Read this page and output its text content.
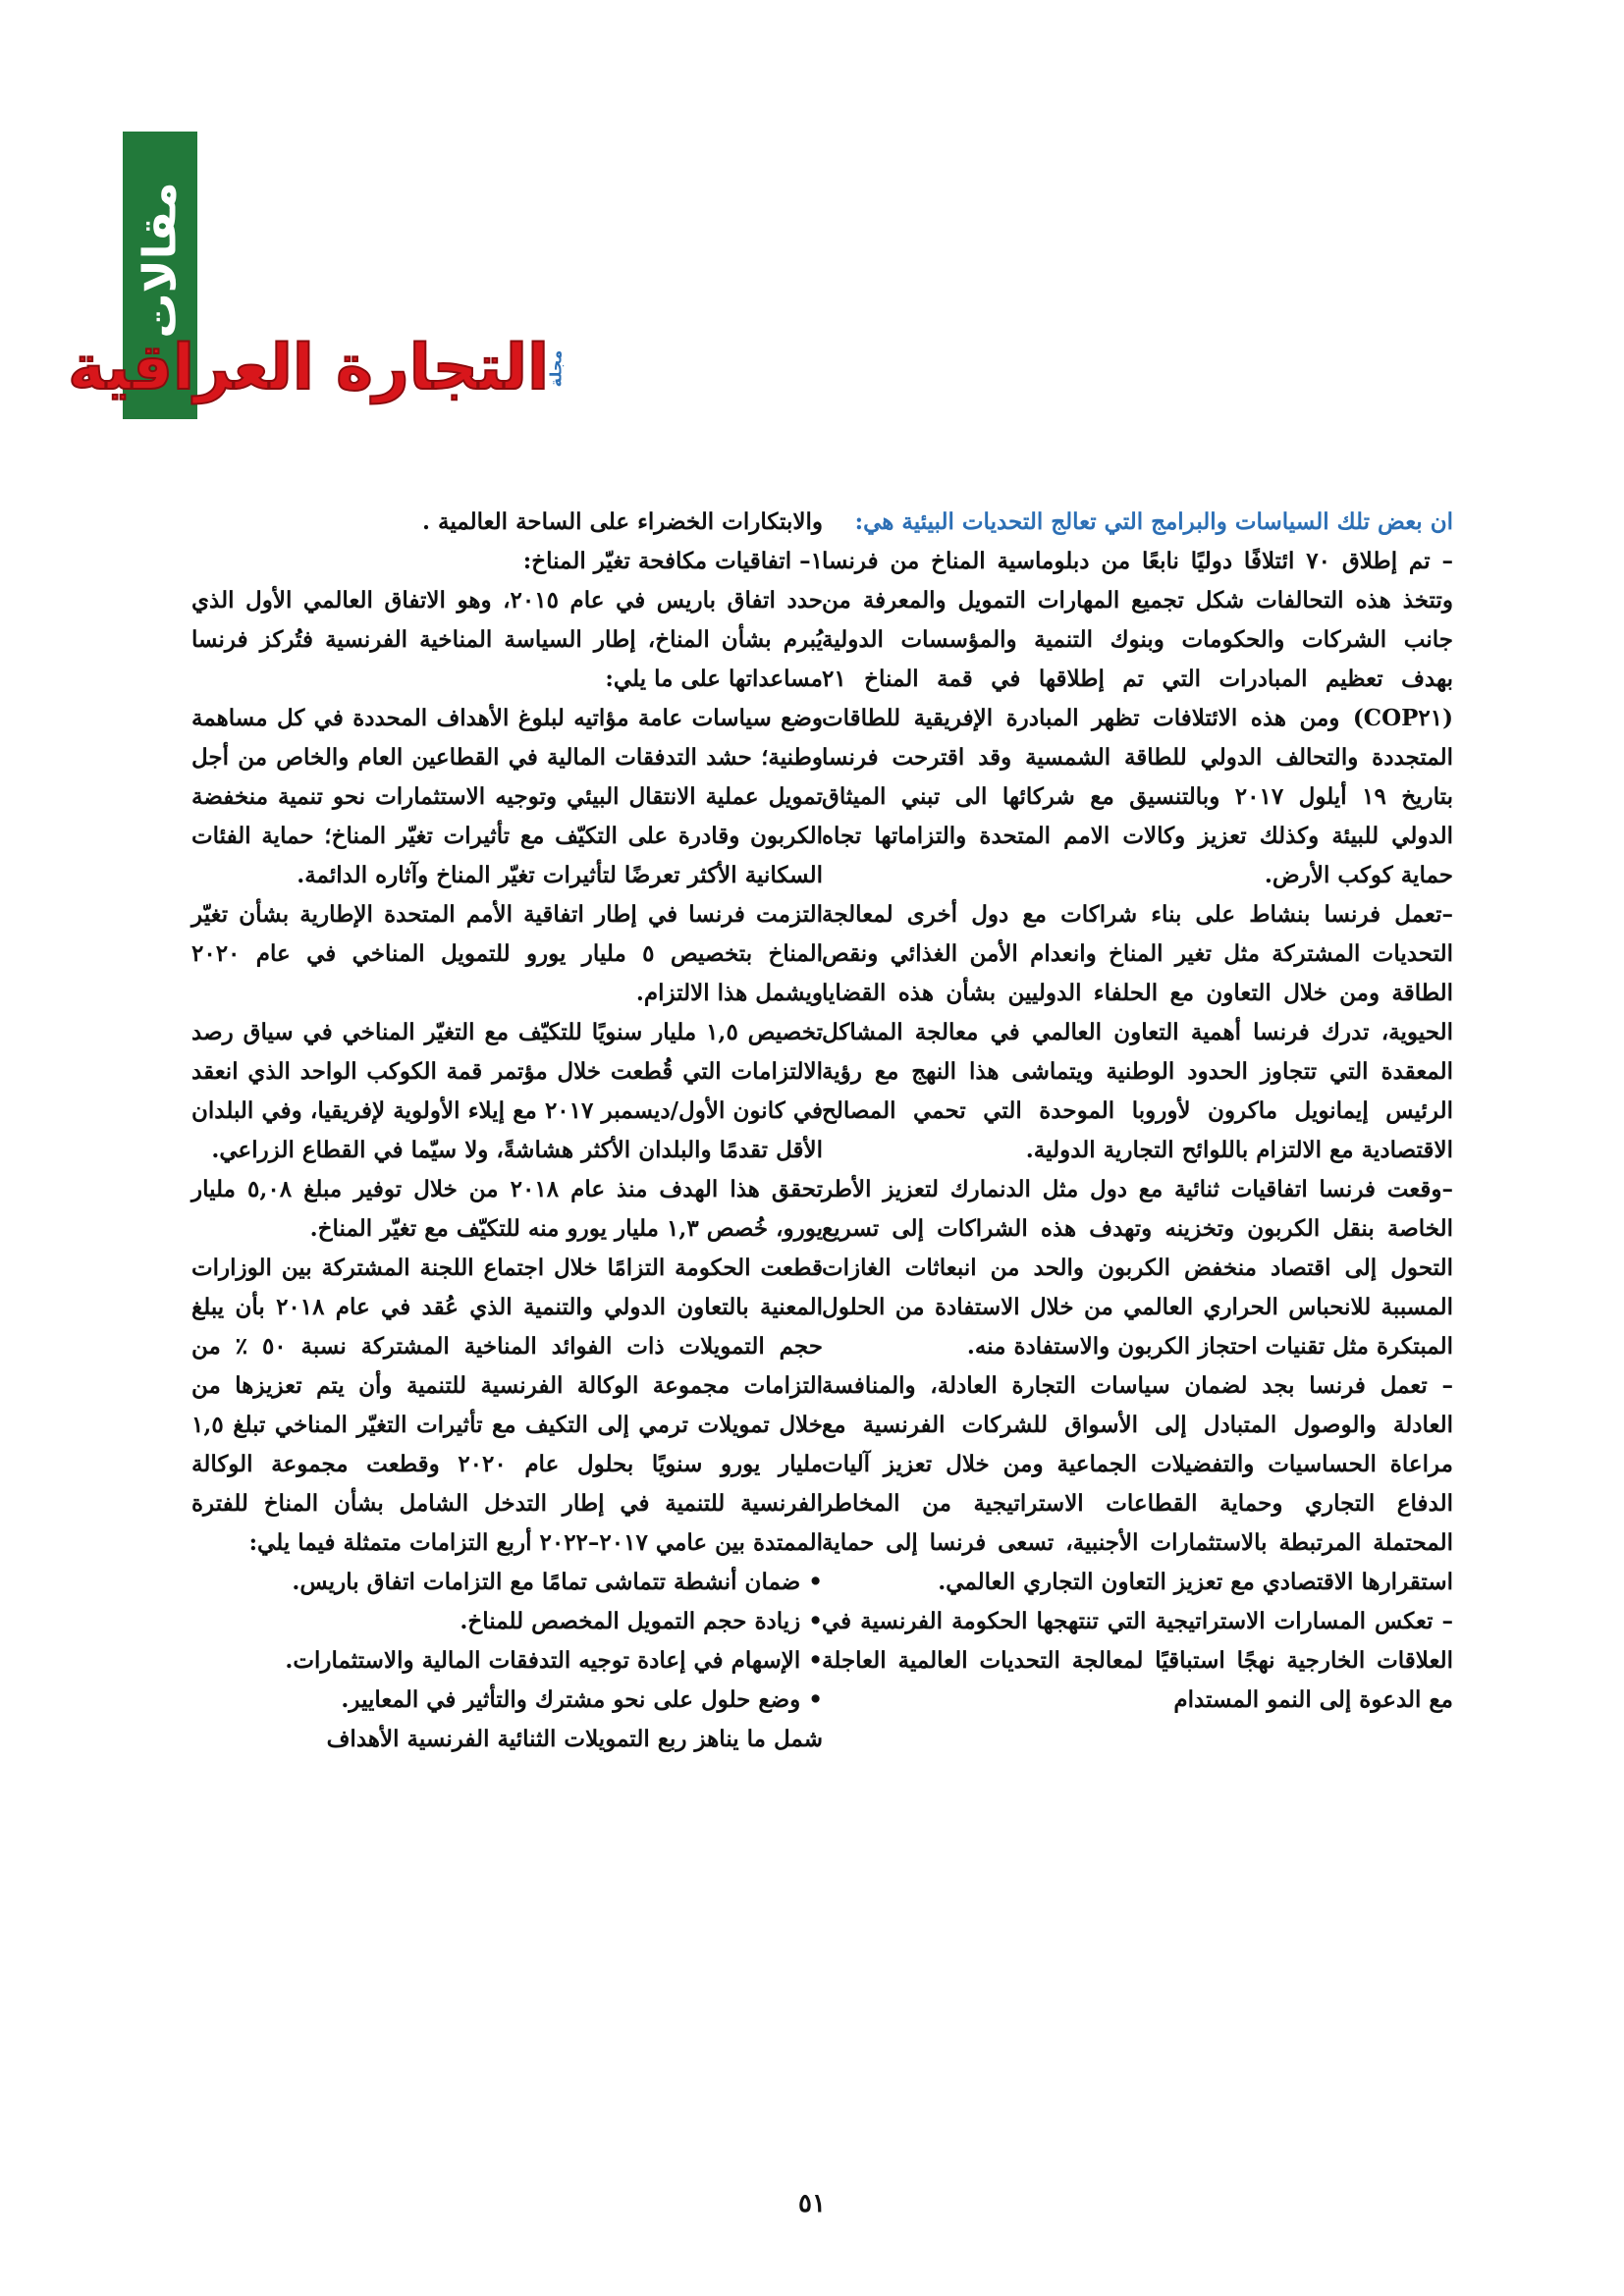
مقالات
التجارة العراقية
مجلة

ان بعض تلك السياسات والبرامج التي تعالج التحديات البيئية هي:

– تم إطلاق ٧٠ ائتلافًا دوليًا نابعًا من دبلوماسية المناخ من فرنسا وتتخذ هذه التحالفات شكل تجميع المهارات التمويل والمعرفة من جانب الشركات والحكومات وبنوك التنمية والمؤسسات الدولية بهدف تعظيم المبادرات التي تم إطلاقها في قمة المناخ ٢١ (COP٢١) ومن هذه الائتلافات تظهر المبادرة الإفريقية للطاقات المتجددة والتحالف الدولي للطاقة الشمسية وقد اقترحت فرنسا بتاريخ ١٩ أيلول ٢٠١٧ وبالتنسيق مع شركائها الى تبني الميثاق الدولي للبيئة وكذلك تعزيز وكالات الامم المتحدة والتزاماتها تجاه حماية كوكب الأرض.

–تعمل فرنسا بنشاط على بناء شراكات مع دول أخرى لمعالجة التحديات المشتركة مثل تغير المناخ وانعدام الأمن الغذائي ونقص الطاقة ومن خلال التعاون مع الحلفاء الدوليين بشأن هذه القضايا الحيوية، تدرك فرنسا أهمية التعاون العالمي في معالجة المشاكل المعقدة التي تتجاوز الحدود الوطنية ويتماشى هذا النهج مع رؤية الرئيس إيمانويل ماكرون لأوروبا الموحدة التي تحمي المصالح الاقتصادية مع الالتزام باللوائح التجارية الدولية.

–وقعت فرنسا اتفاقيات ثنائية مع دول مثل الدنمارك لتعزيز الأطر الخاصة بنقل الكربون وتخزينه وتهدف هذه الشراكات إلى تسريع التحول إلى اقتصاد منخفض الكربون والحد من انبعاثات الغازات المسببة للانحباس الحراري العالمي من خلال الاستفادة من الحلول المبتكرة مثل تقنيات احتجاز الكربون والاستفادة منه.

– تعمل فرنسا بجد لضمان سياسات التجارة العادلة، والمنافسة العادلة والوصول المتبادل إلى الأسواق للشركات الفرنسية مع مراعاة الحساسيات والتفضيلات الجماعية ومن خلال تعزيز آليات الدفاع التجاري وحماية القطاعات الاستراتيجية من المخاطر المحتملة المرتبطة بالاستثمارات الأجنبية، تسعى فرنسا إلى حماية استقرارها الاقتصادي مع تعزيز التعاون التجاري العالمي.

– تعكس المسارات الاستراتيجية التي تنتهجها الحكومة الفرنسية في العلاقات الخارجية نهجًا استباقيًا لمعالجة التحديات العالمية العاجلة مع الدعوة إلى النمو المستدام

والابتكارات الخضراء على الساحة العالمية .

١– اتفاقيات مكافحة تغيّر المناخ:

حدد اتفاق باريس في عام ٢٠١٥، وهو الاتفاق العالمي الأول الذي يُبرم بشأن المناخ، إطار السياسة المناخية الفرنسية فتُركز فرنسا مساعداتها على ما يلي:

وضع سياسات عامة مؤاتيه لبلوغ الأهداف المحددة في كل مساهمة وطنية؛ حشد التدفقات المالية في القطاعين العام والخاص من أجل تمويل عملية الانتقال البيئي وتوجيه الاستثمارات نحو تنمية منخفضة الكربون وقادرة على التكيّف مع تأثيرات تغيّر المناخ؛ حماية الفئات السكانية الأكثر تعرضًا لتأثيرات تغيّر المناخ وآثاره الدائمة.

التزمت فرنسا في إطار اتفاقية الأمم المتحدة الإطارية بشأن تغيّر المناخ بتخصيص ٥ مليار يورو للتمويل المناخي في عام ٢٠٢٠ ويشمل هذا الالتزام.

تخصيص ١,٥ مليار سنويًا للتكيّف مع التغيّر المناخي في سياق رصد الالتزامات التي قُطعت خلال مؤتمر قمة الكوكب الواحد الذي انعقد في كانون الأول/ديسمبر ٢٠١٧ مع إيلاء الأولوية لإفريقيا، وفي البلدان الأقل تقدمًا والبلدان الأكثر هشاشةً، ولا سيّما في القطاع الزراعي.

تحقق هذا الهدف منذ عام ٢٠١٨ من خلال توفير مبلغ ٥,٠٨ مليار يورو، خُصص ١,٣ مليار يورو منه للتكيّف مع تغيّر المناخ.

قطعت الحكومة التزامًا خلال اجتماع اللجنة المشتركة بين الوزارات المعنية بالتعاون الدولي والتنمية الذي عُقد في عام ٢٠١٨ بأن يبلغ حجم التمويلات ذات الفوائد المناخية المشتركة نسبة ٥٠ ٪ من التزامات مجموعة الوكالة الفرنسية للتنمية وأن يتم تعزيزها من خلال تمويلات ترمي إلى التكيف مع تأثيرات التغيّر المناخي تبلغ ١,٥ مليار يورو سنويًا بحلول عام ٢٠٢٠ وقطعت مجموعة الوكالة الفرنسية للتنمية في إطار التدخل الشامل بشأن المناخ للفترة الممتدة بين عامي ٢٠١٧–٢٠٢٢ أربع التزامات متمثلة فيما يلي:

• ضمان أنشطة تتماشى تمامًا مع التزامات اتفاق باريس.

• زيادة حجم التمويل المخصص للمناخ.

• الإسهام في إعادة توجيه التدفقات المالية والاستثمارات.

• وضع حلول على نحو مشترك والتأثير في المعايير.

شمل ما يناهز ربع التمويلات الثنائية الفرنسية الأهداف

٥١
